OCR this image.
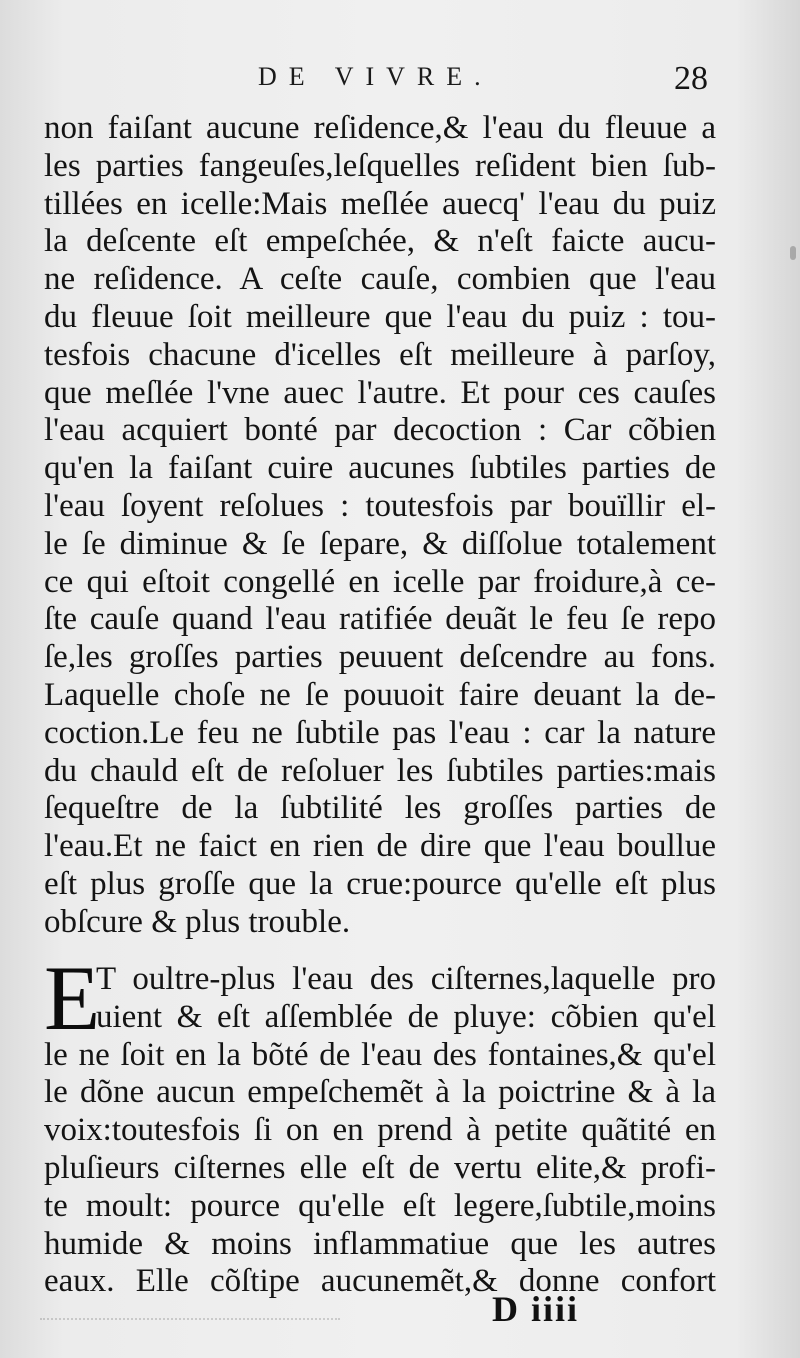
DE VIVRE.	28
non faiſant aucune reſidence,& l'eau du fleuue a
les parties fangeuſes,leſquelles reſident bien ſub-
tillées en icelle:Mais meſlée auecq' l'eau du puiz
la deſcente eſt empeſchée, & n'eſt faicte aucu-
ne reſidence. A ceſte cauſe, combien que l'eau
du fleuue ſoit meilleure que l'eau du puiz : tou-
tesfois chacune d'icelles eſt meilleure à parſoy,
que meſlée l'vne auec l'autre. Et pour ces cauſes
l'eau acquiert bonté par decoction : Car cõbien
qu'en la faiſant cuire aucunes ſubtiles parties de
l'eau ſoyent reſolues : toutesfois par bouïllir el-
le ſe diminue & ſe ſepare, & diſſolue totalement
ce qui eſtoit congellé en icelle par froidure,à ce-
ſte cauſe quand l'eau ratifiée deuãt le feu ſe repo
ſe,les groſſes parties peuuent deſcendre au fons.
Laquelle choſe ne ſe pouuoit faire deuant la de-
coction.Le feu ne ſubtile pas l'eau : car la nature
du chauld eſt de reſoluer les ſubtiles parties:mais
ſequeſtre de la ſubtilité les groſſes parties de
l'eau.Et ne faict en rien de dire que l'eau boullue
eſt plus groſſe que la crue:pource qu'elle eſt plus
obſcure & plus trouble.
E
T oultre-plus l'eau des ciſternes,laquelle pro
uient & eſt aſſemblée de pluye: cõbien qu'el
le ne ſoit en la bõté de l'eau des fontaines,& qu'el
le dõne aucun empeſchemẽt à la poictrine & à la
voix:toutesfois ſi on en prend à petite quãtité en
pluſieurs ciſternes elle eſt de vertu elite,& profi-
te moult: pource qu'elle eſt legere,ſubtile,moins
humide & moins inflammatiue que les autres
eaux. Elle cõſtipe aucunemẽt,& donne confort
D iiii
